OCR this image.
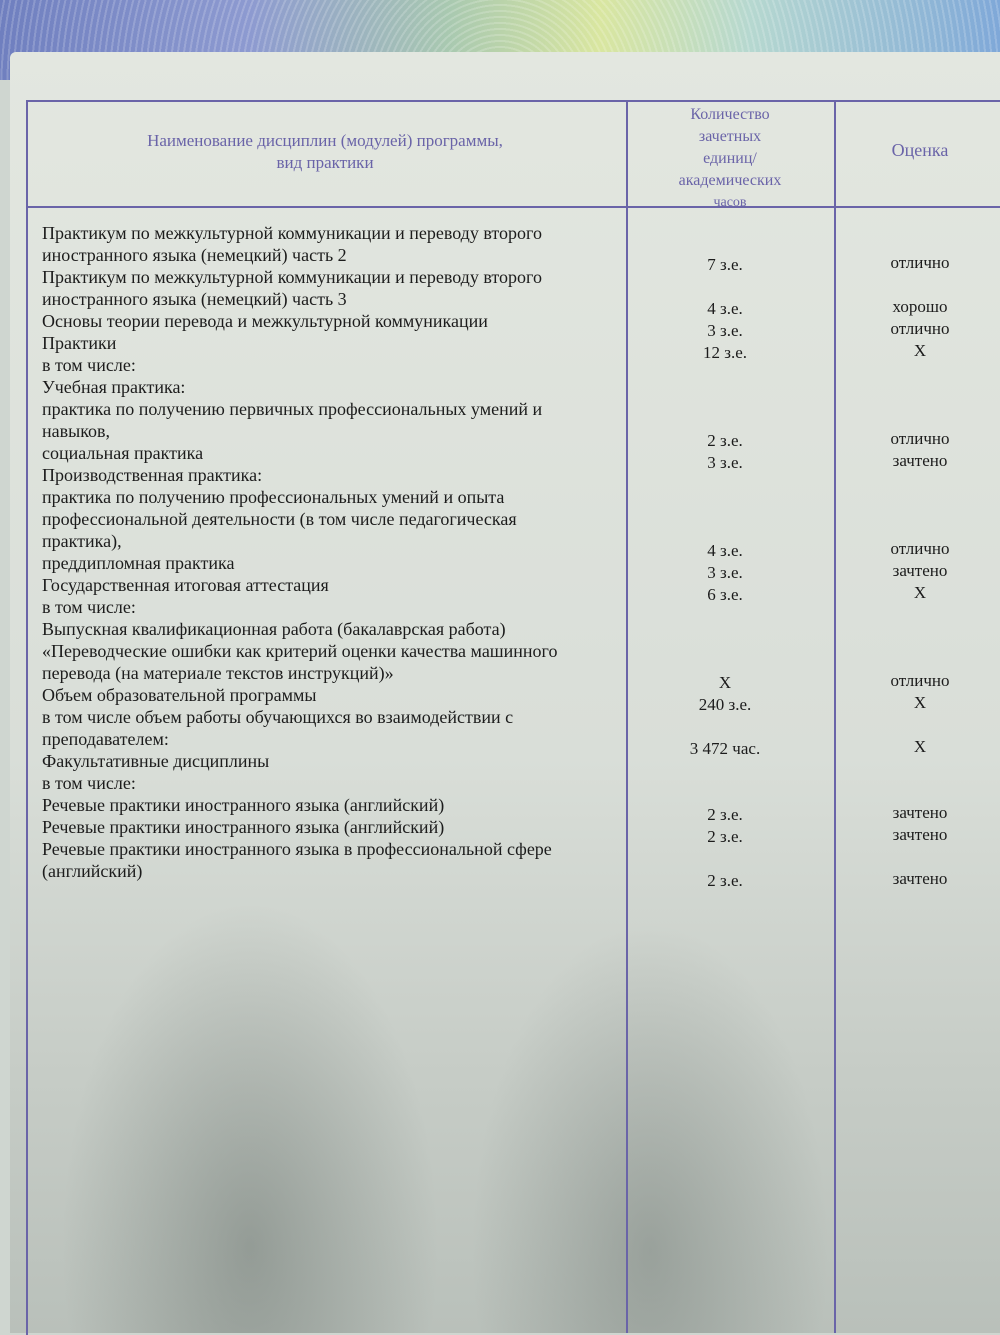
Наименование дисциплин (модулей) программы,
вид практики
Количество
зачетных
единиц/
академических
часов
Оценка
Практикум по межкультурной коммуникации и переводу второго
иностранного языка (немецкий) часть 2	7 з.е.	отлично
Практикум по межкультурной коммуникации и переводу второго
иностранного языка (немецкий) часть 3	4 з.е.	хорошо
Основы теории перевода и межкультурной коммуникации	3 з.е.	отлично
Практики	12 з.е.	X
в том числе:
Учебная практика:
практика по получению первичных профессиональных умений и
навыков,	2 з.е.	отлично
социальная практика	3 з.е.	зачтено
Производственная практика:
практика по получению профессиональных умений и опыта
профессиональной деятельности (в том числе педагогическая
практика),	4 з.е.	отлично
преддипломная практика	3 з.е.	зачтено
Государственная итоговая аттестация	6 з.е.	X
в том числе:
Выпускная квалификационная работа (бакалаврская работа)
«Переводческие ошибки как критерий оценки качества машинного
перевода (на материале текстов инструкций)»	X	отлично
Объем образовательной программы	240 з.е.	X
в том числе объем работы обучающихся во взаимодействии с
преподавателем:	3 472 час.	X
Факультативные дисциплины
в том числе:
Речевые практики иностранного языка (английский)	2 з.е.	зачтено
Речевые практики иностранного языка (английский)	2 з.е.	зачтено
Речевые практики иностранного языка в профессиональной сфере
(английский)	2 з.е.	зачтено
